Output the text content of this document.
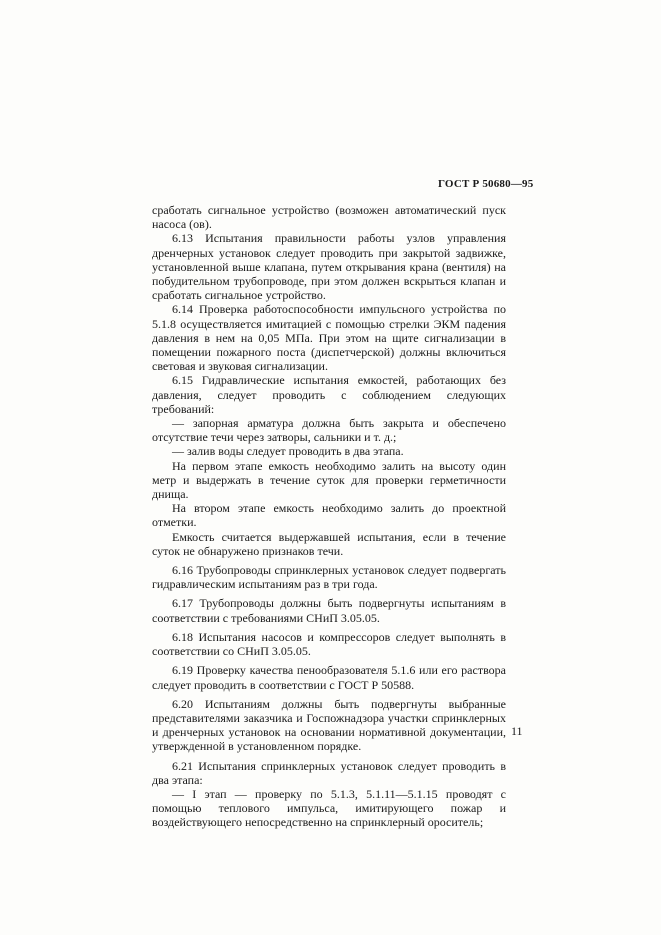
ГОСТ Р 50680—95

сработать сигнальное устройство (возможен автоматический пуск насоса (ов).

6.13 Испытания правильности работы узлов управления дренчерных установок следует проводить при закрытой задвижке, установленной выше клапана, путем открывания крана (вентиля) на побудительном трубопроводе, при этом должен вскрыться клапан и сработать сигнальное устройство.

6.14 Проверка работоспособности импульсного устройства по 5.1.8 осуществляется имитацией с помощью стрелки ЭКМ падения давления в нем на 0,05 МПа. При этом на щите сигнализации в помещении пожарного поста (диспетчерской) должны включиться световая и звуковая сигнализации.

6.15 Гидравлические испытания емкостей, работающих без давления, следует проводить с соблюдением следующих требований:

— запорная арматура должна быть закрыта и обеспечено отсутствие течи через затворы, сальники и т. д.;

— залив воды следует проводить в два этапа.

На первом этапе емкость необходимо залить на высоту один метр и выдержать в течение суток для проверки герметичности днища.

На втором этапе емкость необходимо залить до проектной отметки.

Емкость считается выдержавшей испытания, если в течение суток не обнаружено признаков течи.

6.16 Трубопроводы спринклерных установок следует подвергать гидравлическим испытаниям раз в три года.

6.17 Трубопроводы должны быть подвергнуты испытаниям в соответствии с требованиями СНиП 3.05.05.

6.18 Испытания насосов и компрессоров следует выполнять в соответствии со СНиП 3.05.05.

6.19 Проверку качества пенообразователя 5.1.6 или его раствора следует проводить в соответствии с ГОСТ Р 50588.

6.20 Испытаниям должны быть подвергнуты выбранные представителями заказчика и Госпожнадзора участки спринклерных и дренчерных установок на основании нормативной документации, утвержденной в установленном порядке.

6.21 Испытания спринклерных установок следует проводить в два этапа:

— I этап — проверку по 5.1.3, 5.1.11—5.1.15 проводят с помощью теплового импульса, имитирующего пожар и воздействующего непосредственно на спринклерный ороситель;

11
